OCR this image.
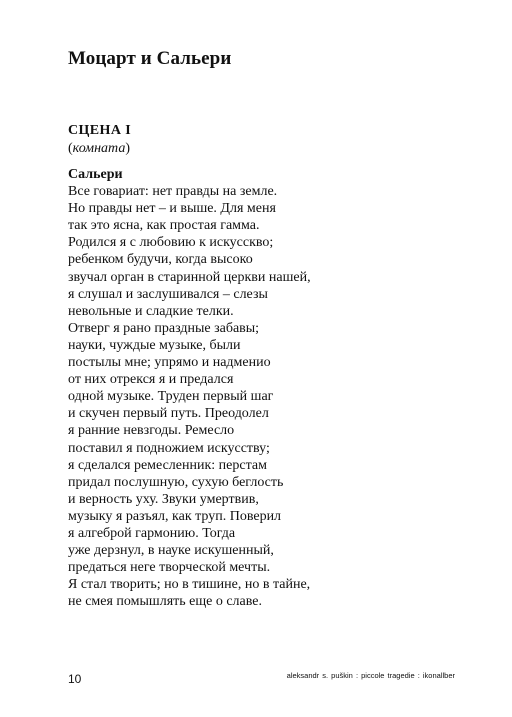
Моцарт и Сальери
СЦЕНА I
(комната)
Сальери
Все говариат: нет правды на земле.
Но правды нет – и выше. Для меня
так это ясна, как простая гамма.
Родился я с любовию к искусскво;
ребенком будучи, когда высоко
звучал орган в старинной церкви нашей,
я слушал и заслушивался – слезы
невольные и сладкие телки.
Отверг я рано праздные забавы;
науки, чуждые музыке, были
постылы мне; упрямо и надменио
от них отрекся я и предался
одной музыке. Труден первый шаг
и скучен первый путь. Преодолел
я ранние невзгоды. Ремесло
поставил я подножием искусству;
я сделался ремесленник: перстам
придал послушную, сухую беглость
и верность уху. Звуки умертвив,
музыку я разъял, как труп. Поверил
я алгеброй гармонию. Тогда
уже дерзнул, в науке искушенный,
предаться неге творческой мечты.
Я стал творить; но в тишине, но в тайне,
не смея помышлять еще о славе.
10	aleksandr s. puškin : piccole tragedie : ikonallber
